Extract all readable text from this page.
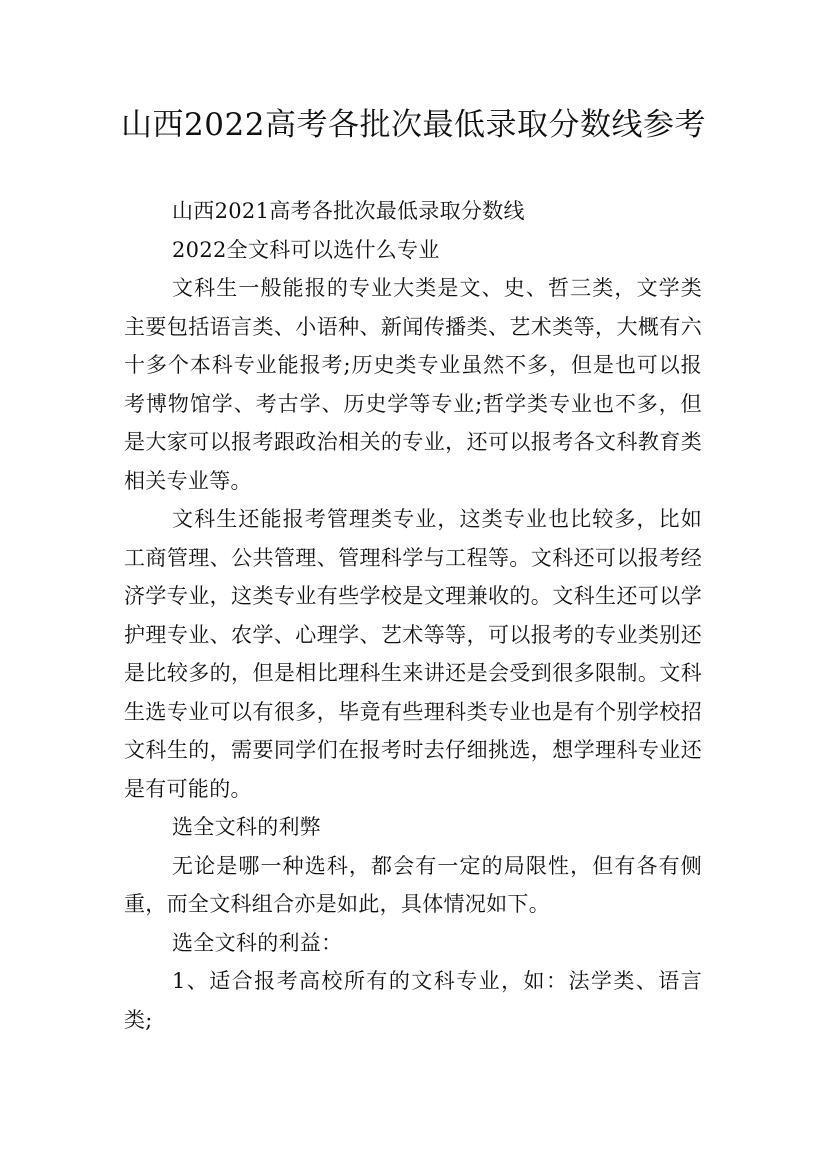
山西2022高考各批次最低录取分数线参考

山西2021高考各批次最低录取分数线

2022全文科可以选什么专业

文科生一般能报的专业大类是文、史、哲三类，文学类主要包括语言类、小语种、新闻传播类、艺术类等，大概有六十多个本科专业能报考;历史类专业虽然不多，但是也可以报考博物馆学、考古学、历史学等专业;哲学类专业也不多，但是大家可以报考跟政治相关的专业，还可以报考各文科教育类相关专业等。

文科生还能报考管理类专业，这类专业也比较多，比如工商管理、公共管理、管理科学与工程等。文科还可以报考经济学专业，这类专业有些学校是文理兼收的。文科生还可以学护理专业、农学、心理学、艺术等等，可以报考的专业类别还是比较多的，但是相比理科生来讲还是会受到很多限制。文科生选专业可以有很多，毕竟有些理科类专业也是有个别学校招文科生的，需要同学们在报考时去仔细挑选，想学理科专业还是有可能的。

选全文科的利弊

无论是哪一种选科，都会有一定的局限性，但有各有侧重，而全文科组合亦是如此，具体情况如下。

选全文科的利益：

1、适合报考高校所有的文科专业，如：法学类、语言类;
